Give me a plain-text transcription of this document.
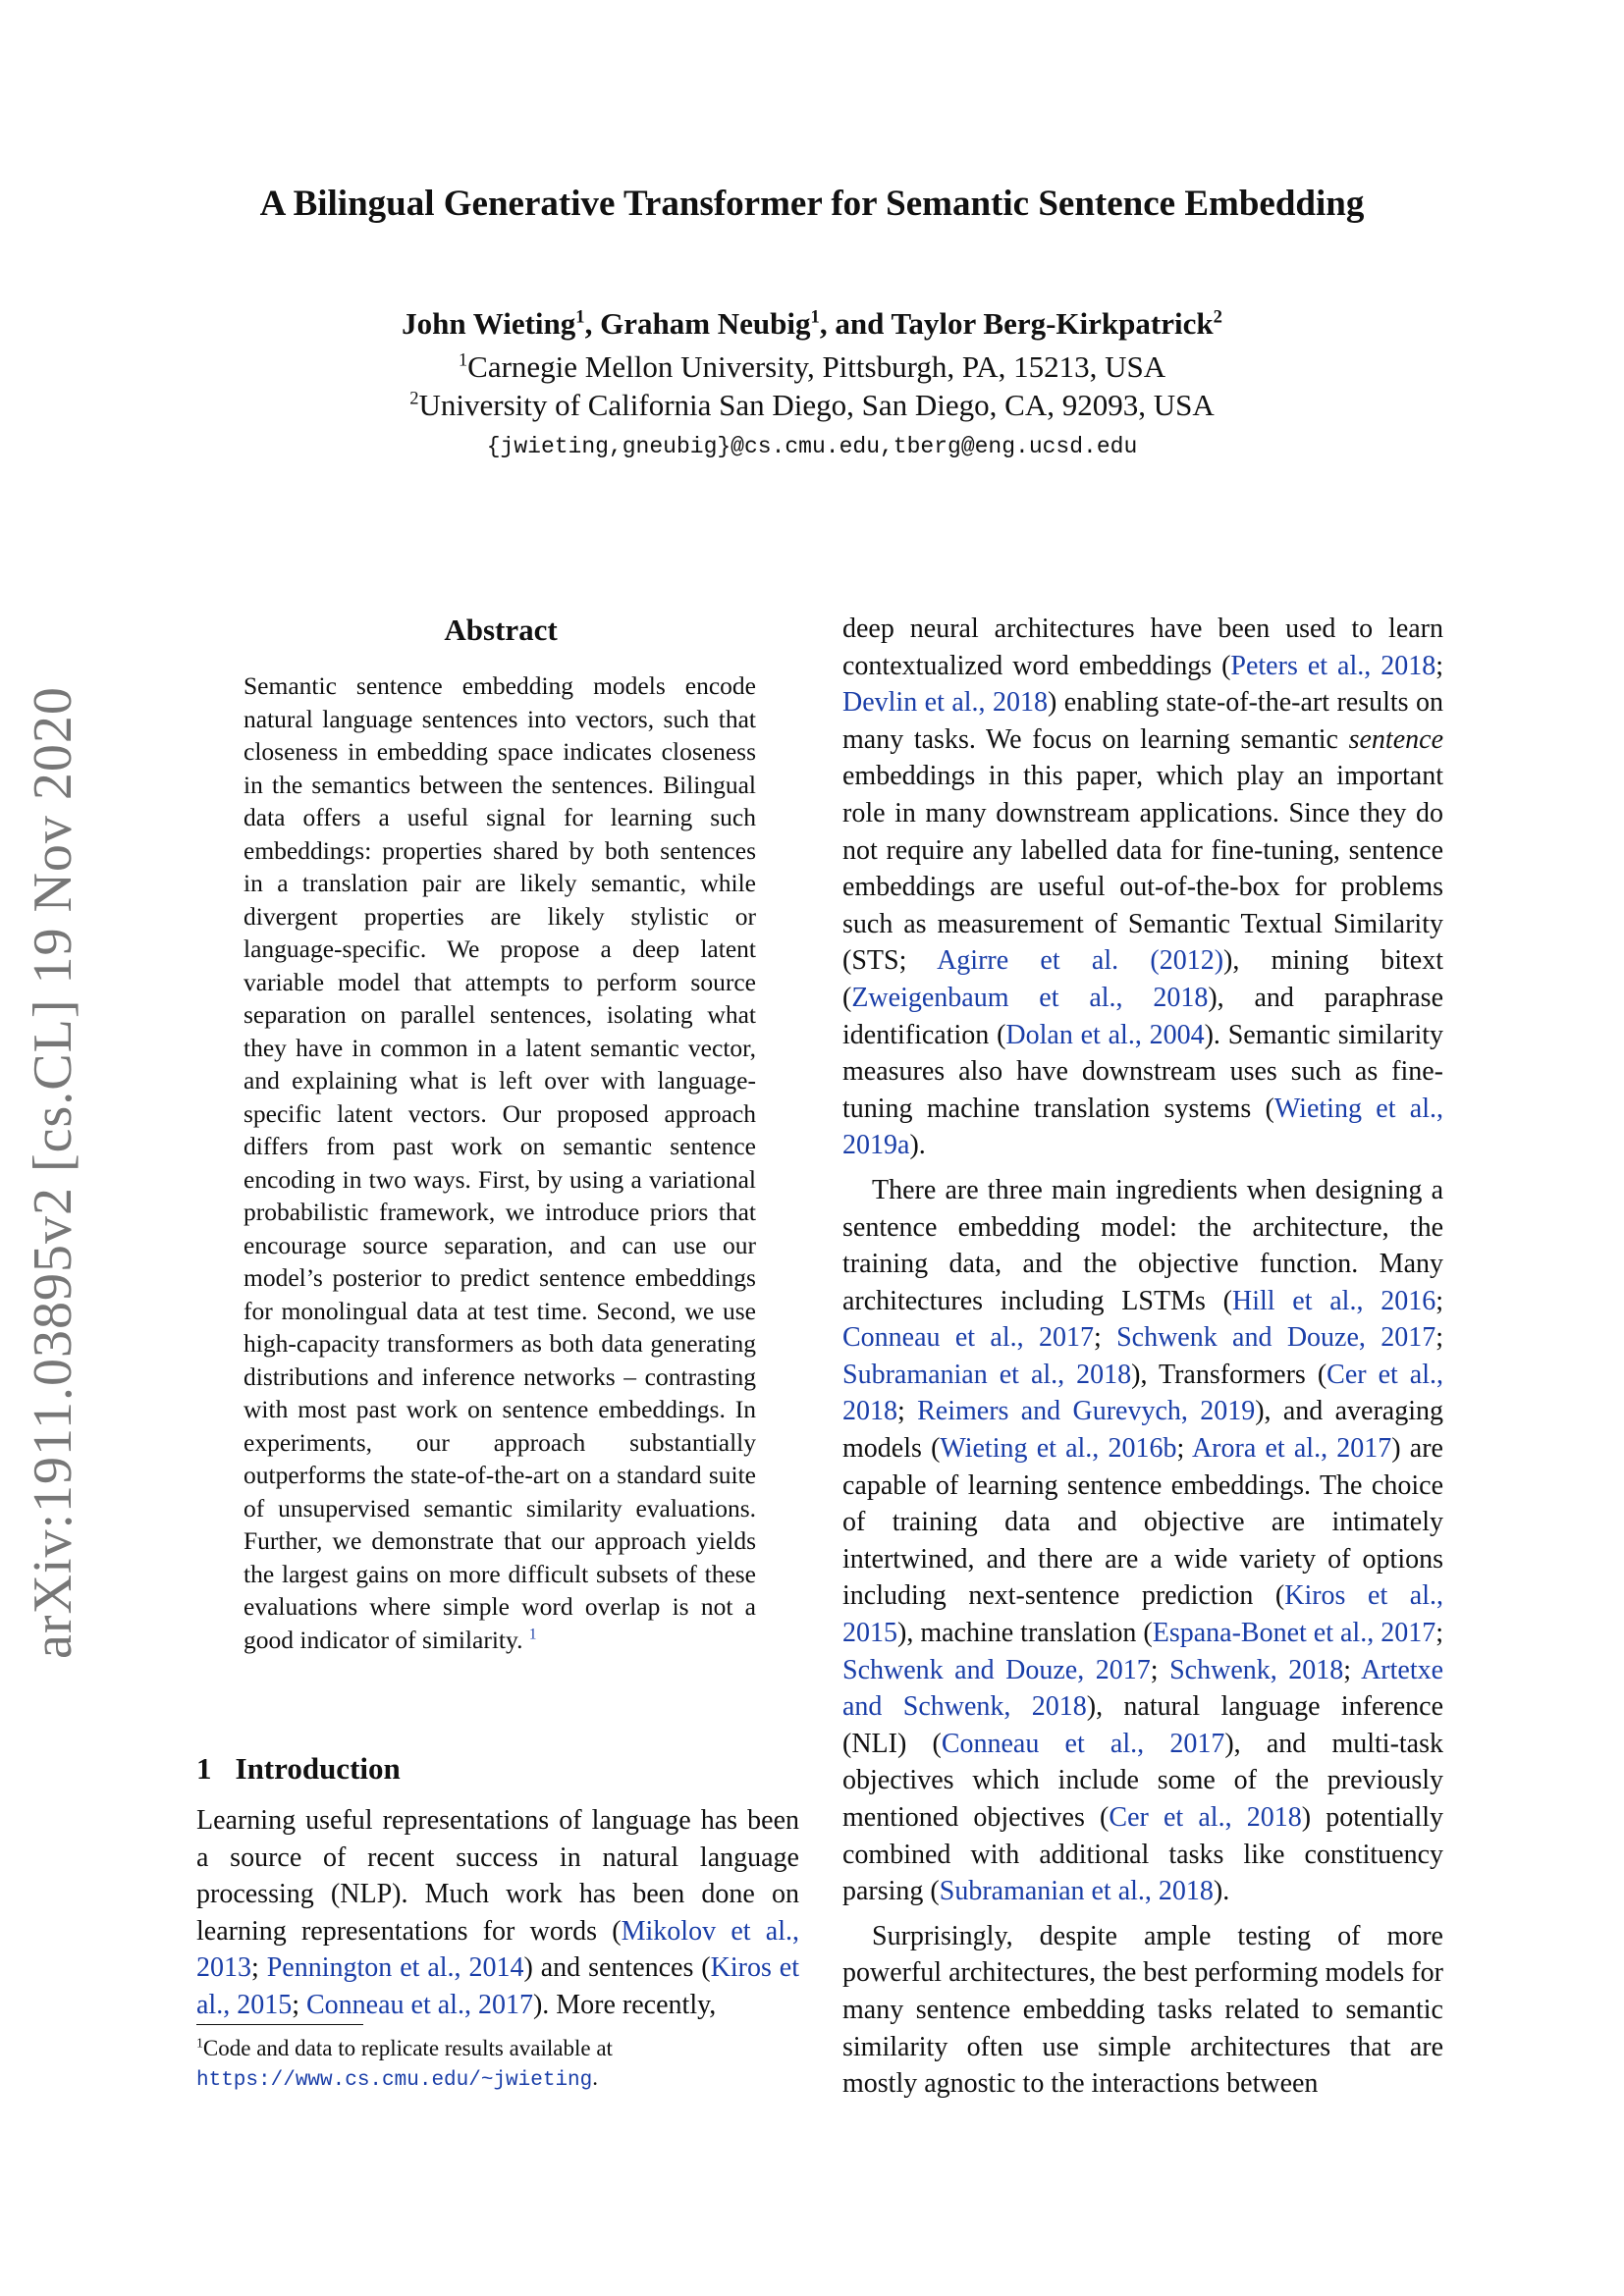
arXiv:1911.03895v2 [cs.CL] 19 Nov 2020
A Bilingual Generative Transformer for Semantic Sentence Embedding
John Wieting$^1$, Graham Neubig$^1$, and Taylor Berg-Kirkpatrick$^2$
$^1$Carnegie Mellon University, Pittsburgh, PA, 15213, USA
$^2$University of California San Diego, San Diego, CA, 92093, USA
{jwieting,gneubig}@cs.cmu.edu,tberg@eng.ucsd.edu
Abstract
Semantic sentence embedding models encode natural language sentences into vectors, such that closeness in embedding space indicates closeness in the semantics between the sentences. Bilingual data offers a useful signal for learning such embeddings: properties shared by both sentences in a translation pair are likely semantic, while divergent properties are likely stylistic or language-specific. We propose a deep latent variable model that attempts to perform source separation on parallel sentences, isolating what they have in common in a latent semantic vector, and explaining what is left over with language-specific latent vectors. Our proposed approach differs from past work on semantic sentence encoding in two ways. First, by using a variational probabilistic framework, we introduce priors that encourage source separation, and can use our model’s posterior to predict sentence embeddings for monolingual data at test time. Second, we use high-capacity transformers as both data generating distributions and inference networks – contrasting with most past work on sentence embeddings. In experiments, our approach substantially outperforms the state-of-the-art on a standard suite of unsupervised semantic similarity evaluations. Further, we demonstrate that our approach yields the largest gains on more difficult subsets of these evaluations where simple word overlap is not a good indicator of similarity. $^1$
1 Introduction

Learning useful representations of language has been a source of recent success in natural language processing (NLP). Much work has been done on learning representations for words (Mikolov et al., 2013; Pennington et al., 2014) and sentences (Kiros et al., 2015; Conneau et al., 2017). More recently,

$^1$Code and data to replicate results available at https://www.cs.cmu.edu/~jwieting.

deep neural architectures have been used to learn contextualized word embeddings (Peters et al., 2018; Devlin et al., 2018) enabling state-of-the-art results on many tasks. We focus on learning semantic sentence embeddings in this paper, which play an important role in many downstream applications. Since they do not require any labelled data for fine-tuning, sentence embeddings are useful out-of-the-box for problems such as measurement of Semantic Textual Similarity (STS; Agirre et al. (2012)), mining bitext (Zweigenbaum et al., 2018), and paraphrase identification (Dolan et al., 2004). Semantic similarity measures also have downstream uses such as fine-tuning machine translation systems (Wieting et al., 2019a).

There are three main ingredients when designing a sentence embedding model: the architecture, the training data, and the objective function. Many architectures including LSTMs (Hill et al., 2016; Conneau et al., 2017; Schwenk and Douze, 2017; Subramanian et al., 2018), Transformers (Cer et al., 2018; Reimers and Gurevych, 2019), and averaging models (Wieting et al., 2016b; Arora et al., 2017) are capable of learning sentence embeddings. The choice of training data and objective are intimately intertwined, and there are a wide variety of options including next-sentence prediction (Kiros et al., 2015), machine translation (Espana-Bonet et al., 2017; Schwenk and Douze, 2017; Schwenk, 2018; Artetxe and Schwenk, 2018), natural language inference (NLI) (Conneau et al., 2017), and multi-task objectives which include some of the previously mentioned objectives (Cer et al., 2018) potentially combined with additional tasks like constituency parsing (Subramanian et al., 2018).

Surprisingly, despite ample testing of more powerful architectures, the best performing models for many sentence embedding tasks related to semantic similarity often use simple architectures that are mostly agnostic to the interactions between
